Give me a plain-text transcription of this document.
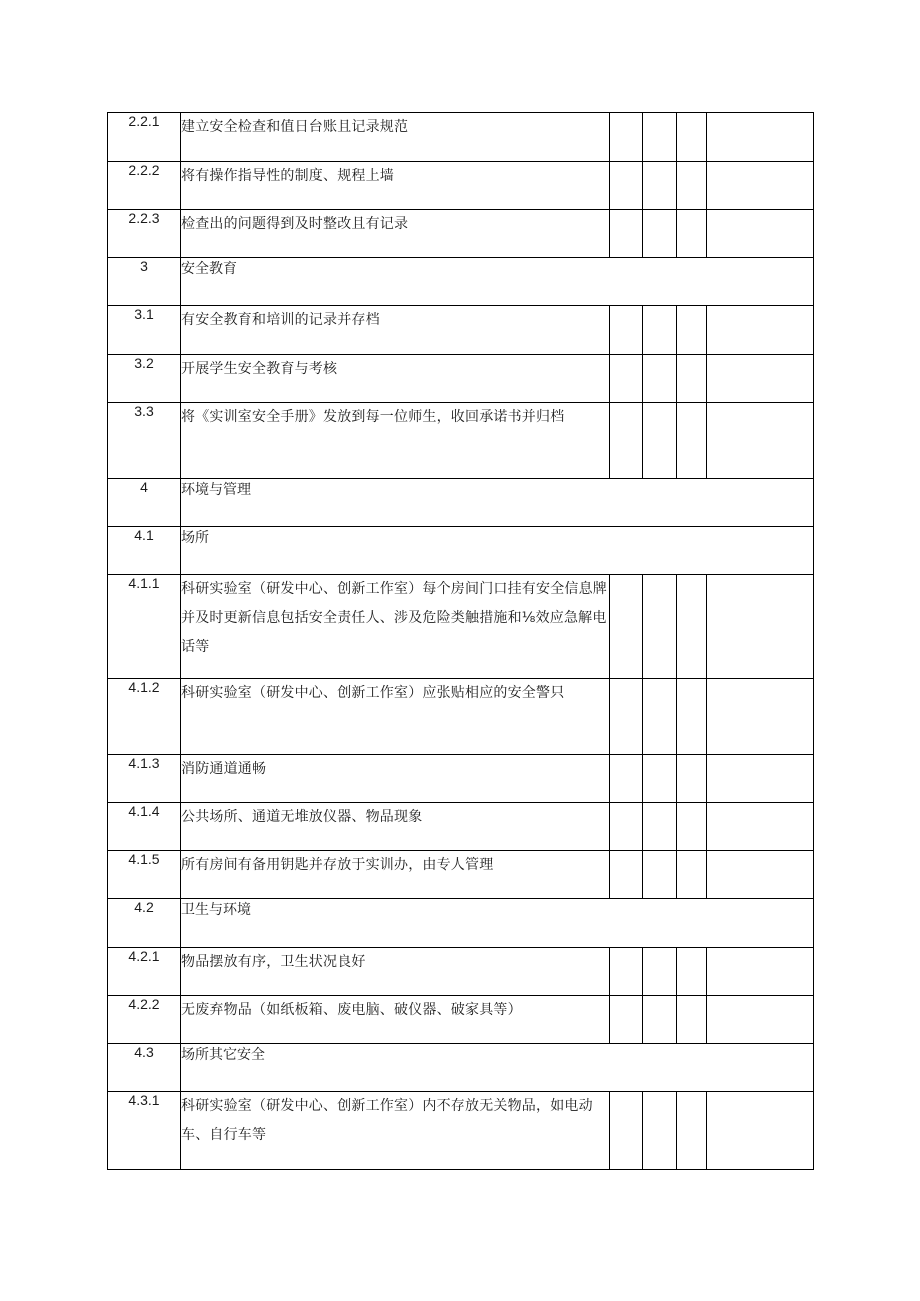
2.2.1	建立安全检查和值日台账且记录规范				
2.2.2	将有操作指导性的制度、规程上墙				
2.2.3	检查出的问题得到及时整改且有记录				
3	安全教育				
3.1	有安全教育和培训的记录并存档				
3.2	开展学生安全教育与考核				
3.3	将《实训室安全手册》发放到每一位师生，收回承诺书并归档				
4	环境与管理				
4.1	场所				
4.1.1	科研实验室（研发中心、创新工作室）每个房间门口挂有安全信息牌并及时更新信息包括安全责任人、涉及危险类触措施和⅛效应急解电话等				
4.1.2	科研实验室（研发中心、创新工作室）应张贴相应的安全警只				
4.1.3	消防通道通畅				
4.1.4	公共场所、通道无堆放仪器、物品现象				
4.1.5	所有房间有备用钥匙并存放于实训办，由专人管理				
4.2	卫生与环境				
4.2.1	物品摆放有序，卫生状况良好				
4.2.2	无废弃物品（如纸板箱、废电脑、破仪器、破家具等）				
4.3	场所其它安全				
4.3.1	科研实验室（研发中心、创新工作室）内不存放无关物品，如电动车、自行车等				
